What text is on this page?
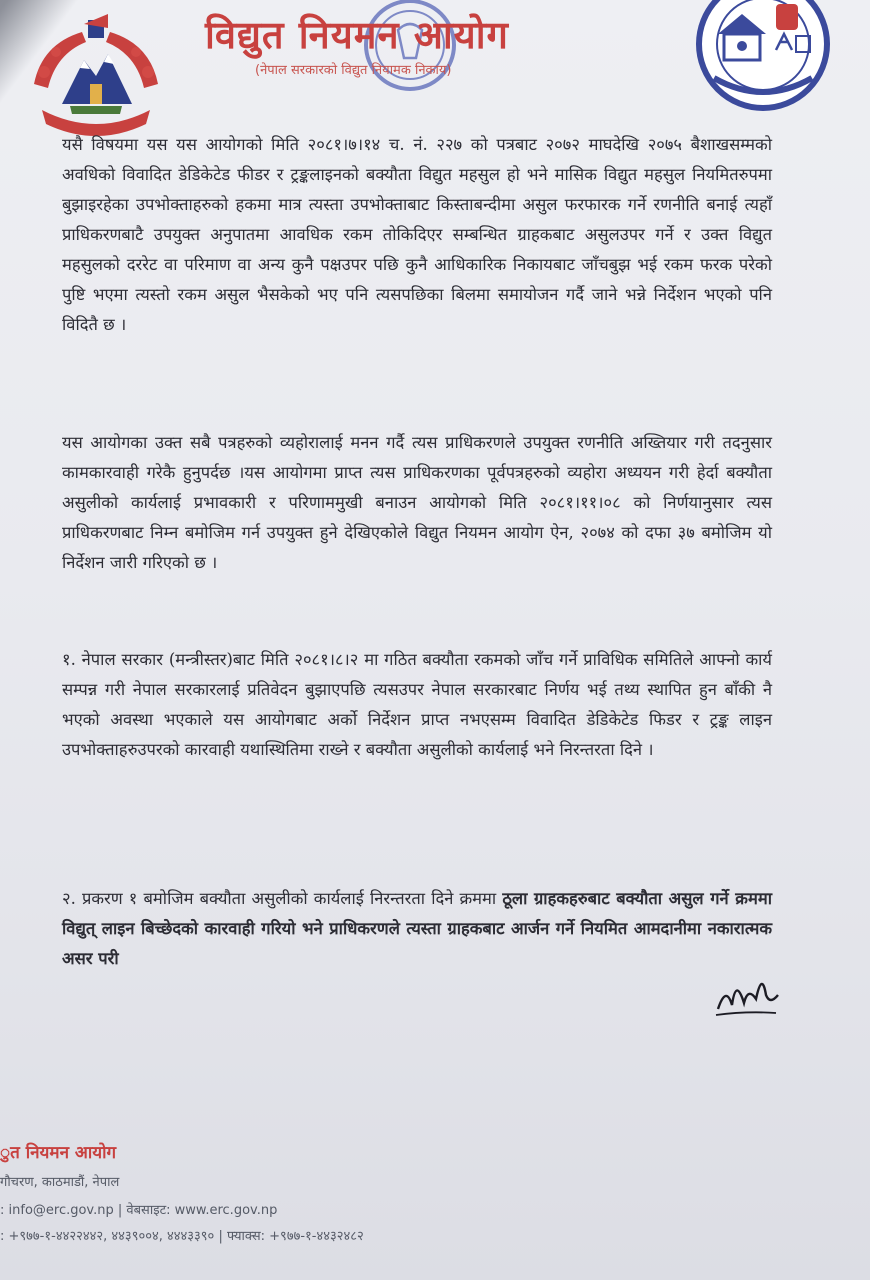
विद्युत नियमन आयोग
(नेपाल सरकारको विद्युत नियामक निकाय)
यसै विषयमा यस यस आयोगको मिति २०८१।७।१४ च. नं. २२७ को पत्रबाट २०७२ माघदेखि २०७५ बैशाखसम्मको अवधिको विवादित डेडिकेटेड फीडर र ट्रङ्कलाइनको बक्यौता विद्युत महसुल हो भने मासिक विद्युत महसुल नियमितरुपमा बुझाइरहेका उपभोक्ताहरुको हकमा मात्र त्यस्ता उपभोक्ताबाट किस्ताबन्दीमा असुल फरफारक गर्ने रणनीति बनाई त्यहाँ प्राधिकरणबाटै उपयुक्त अनुपातमा आवधिक रकम तोकिदिएर सम्बन्धित ग्राहकबाट असुलउपर गर्ने र उक्त विद्युत महसुलको दररेट वा परिमाण वा अन्य कुनै पक्षउपर पछि कुनै आधिकारिक निकायबाट जाँचबुझ भई रकम फरक परेको पुष्टि भएमा त्यस्तो रकम असुल भैसकेको भए पनि त्यसपछिका बिलमा समायोजन गर्दै जाने भन्ने निर्देशन भएको पनि विदितै छ ।
यस आयोगका उक्त सबै पत्रहरुको व्यहोरालाई मनन गर्दै त्यस प्राधिकरणले उपयुक्त रणनीति अख्तियार गरी तदनुसार कामकारवाही गरेकै हुनुपर्दछ ।यस आयोगमा प्राप्त त्यस प्राधिकरणका पूर्वपत्रहरुको व्यहोरा अध्ययन गरी हेर्दा बक्यौता असुलीको कार्यलाई प्रभावकारी र परिणाममुखी बनाउन आयोगको मिति २०८१।११।०८ को निर्णयानुसार त्यस प्राधिकरणबाट निम्न बमोजिम गर्न उपयुक्त हुने देखिएकोले विद्युत नियमन आयोग ऐन, २०७४ को दफा ३७ बमोजिम यो निर्देशन जारी गरिएको छ ।
१. नेपाल सरकार (मन्त्रीस्तर)बाट मिति २०८१।८।२ मा गठित बक्यौता रकमको जाँच गर्ने प्राविधिक समितिले आफ्नो कार्य सम्पन्न गरी नेपाल सरकारलाई प्रतिवेदन बुझाएपछि त्यसउपर नेपाल सरकारबाट निर्णय भई तथ्य स्थापित हुन बाँकी नै भएको अवस्था भएकाले यस आयोगबाट अर्को निर्देशन प्राप्त नभएसम्म विवादित डेडिकेटेड फिडर र ट्रङ्क लाइन उपभोक्ताहरुउपरको कारवाही यथास्थितिमा राख्ने र बक्यौता असुलीको कार्यलाई भने निरन्तरता दिने ।
२. प्रकरण १ बमोजिम बक्यौता असुलीको कार्यलाई निरन्तरता दिने क्रममा ठूला ग्राहकहरुबाट बक्यौता असुल गर्ने क्रममा विद्युत् लाइन बिच्छेदको कारवाही गरियो भने प्राधिकरणले त्यस्ता ग्राहकबाट आर्जन गर्ने नियमित आमदानीमा नकारात्मक असर परी
ुत नियमन आयोग
गौचरण, काठमाडौं, नेपाल
: info@erc.gov.np | वेबसाइट: www.erc.gov.np
: +९७७-१-४४२२४४२, ४४३९००४, ४४४३३९० | फ्याक्स: +९७७-१-४४३२४८२
